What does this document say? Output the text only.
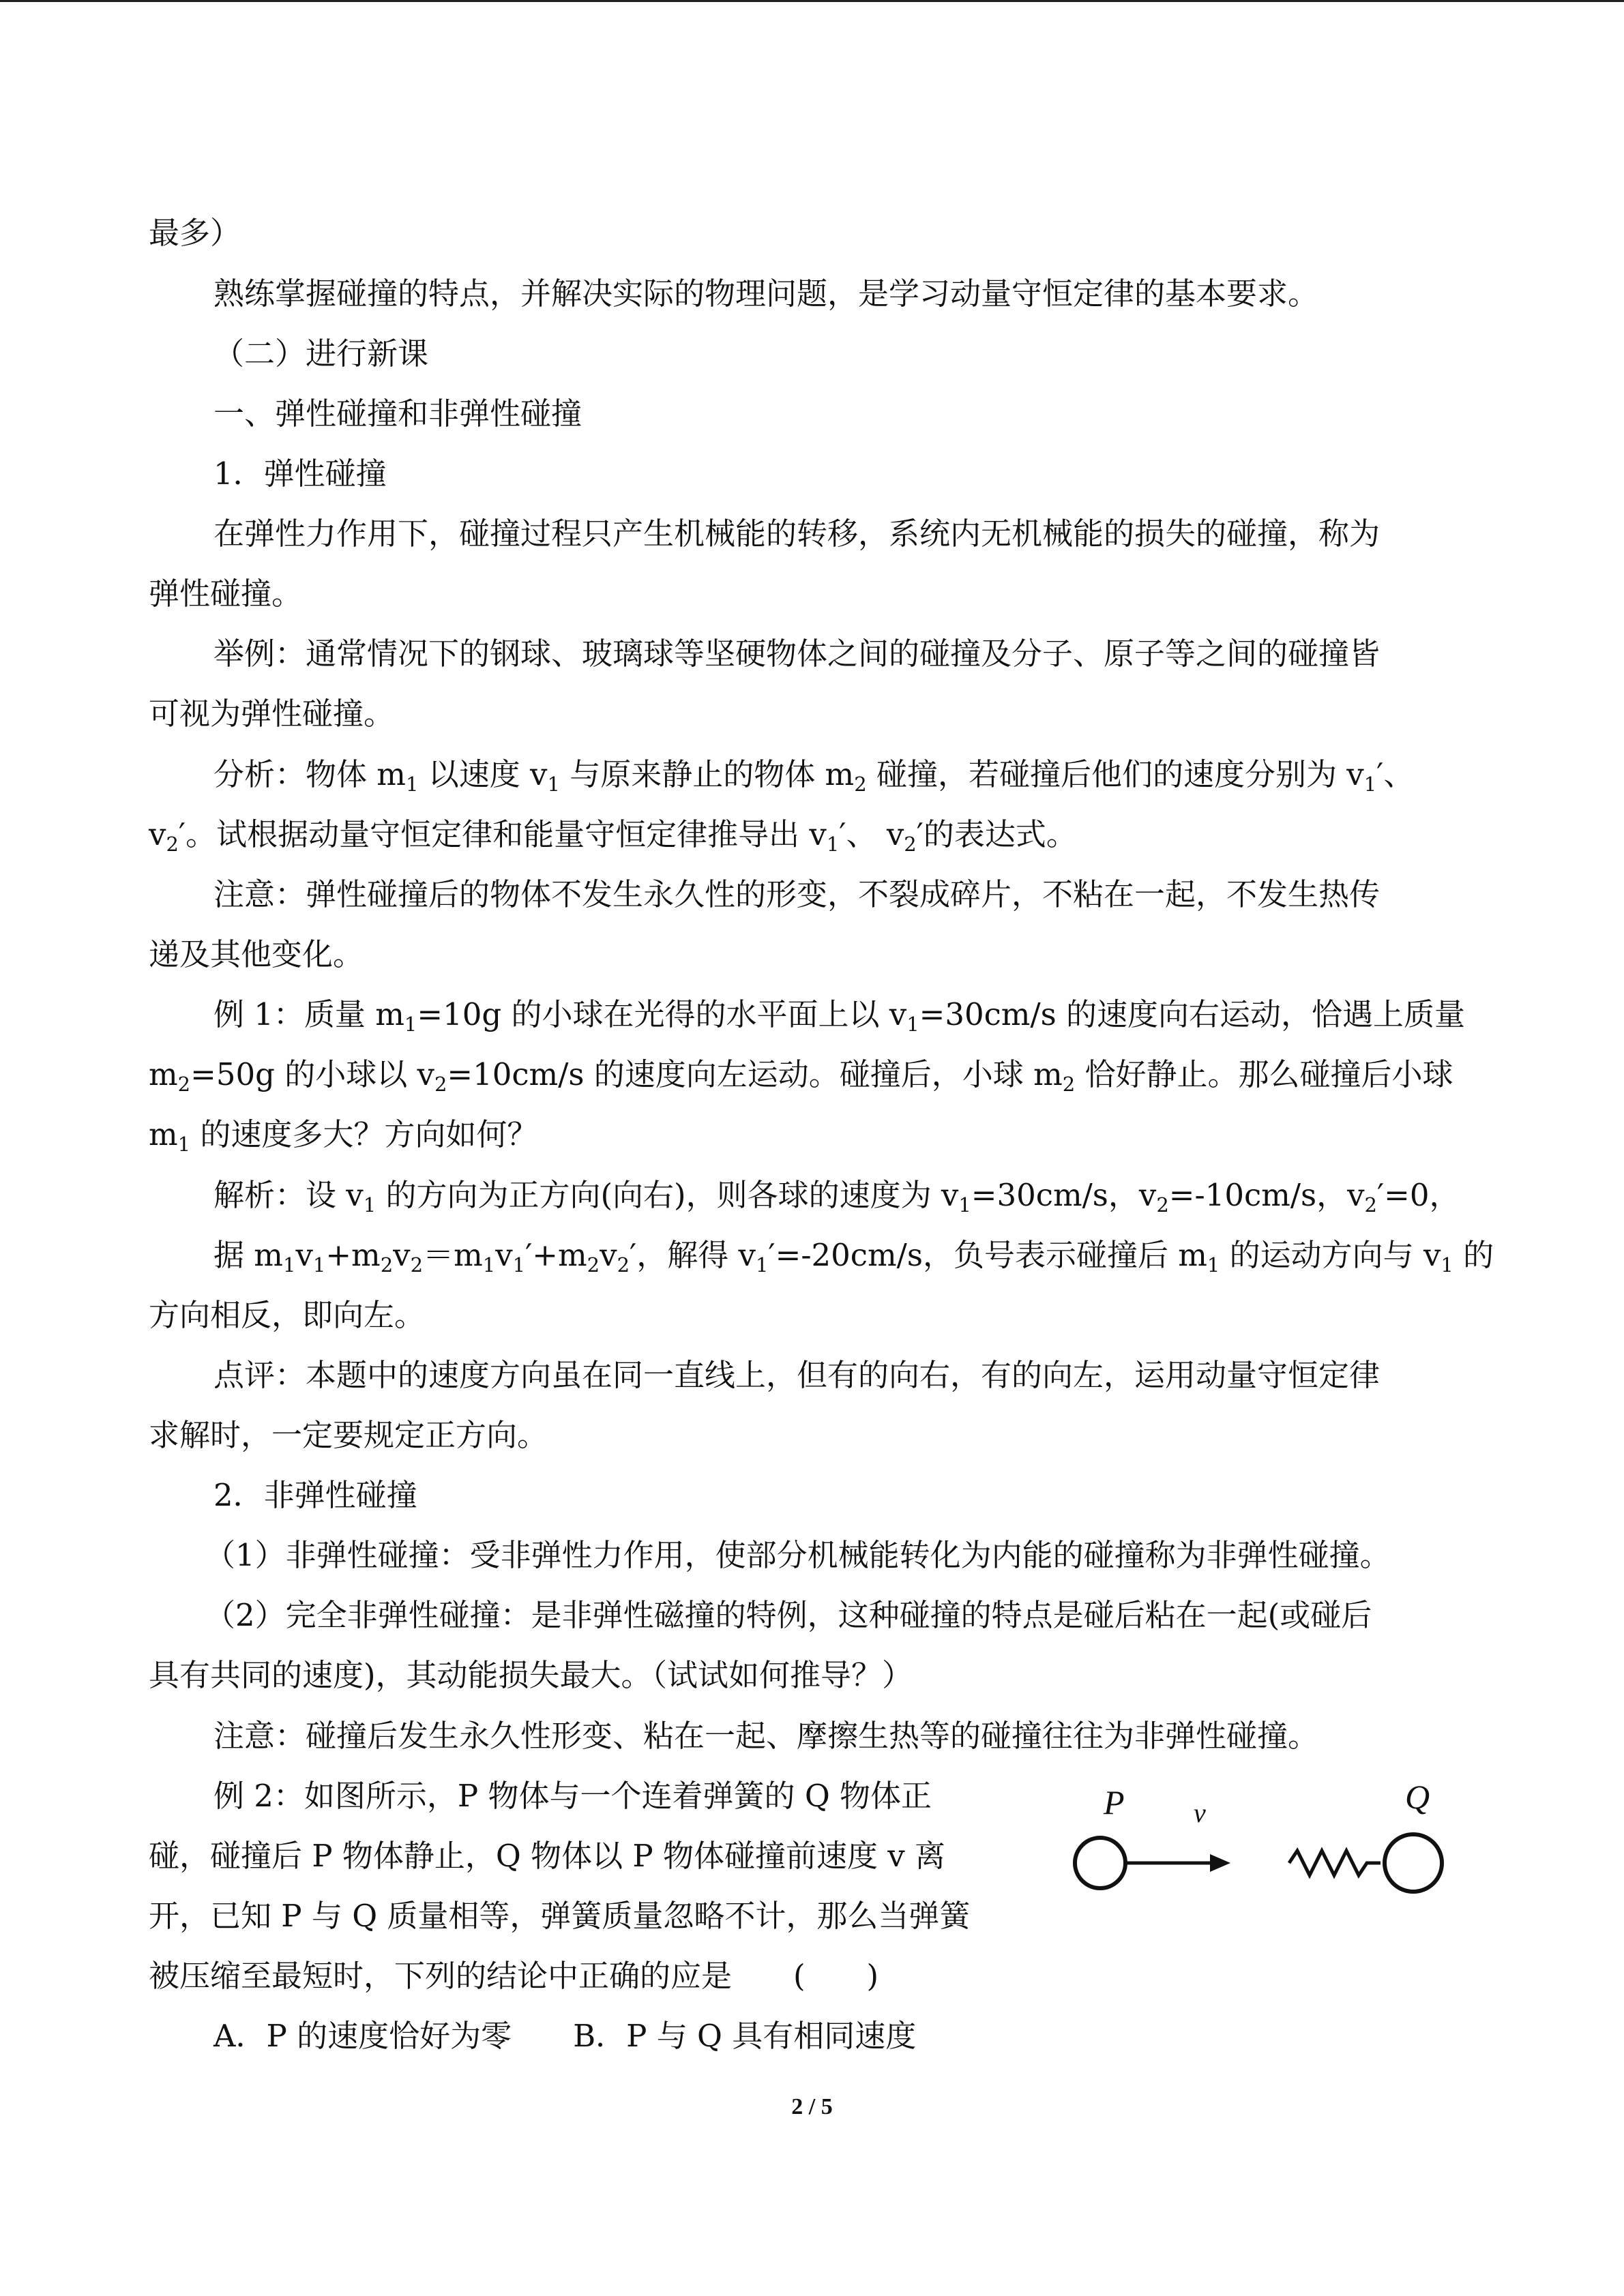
最多）
熟练掌握碰撞的特点，并解决实际的物理问题，是学习动量守恒定律的基本要求。
（二）进行新课
一、弹性碰撞和非弹性碰撞
1．弹性碰撞
在弹性力作用下，碰撞过程只产生机械能的转移，系统内无机械能的损失的碰撞，称为
弹性碰撞。
举例：通常情况下的钢球、玻璃球等坚硬物体之间的碰撞及分子、原子等之间的碰撞皆
可视为弹性碰撞。
分析：物体 $m_1$ 以速度 $v_1$ 与原来静止的物体 $m_2$ 碰撞，若碰撞后他们的速度分别为 $v_1'$、
$v_2'$。试根据动量守恒定律和能量守恒定律推导出 $v_1'$、 $v_2'$的表达式。
注意：弹性碰撞后的物体不发生永久性的形变，不裂成碎片，不粘在一起，不发生热传
递及其他变化。
例 1：质量 $m_1=10g$ 的小球在光得的水平面上以 $v_1=30cm/s$ 的速度向右运动，恰遇上质量
$m_2=50g$ 的小球以 $v_2=10cm/s$ 的速度向左运动。碰撞后，小球 $m_2$ 恰好静止。那么碰撞后小球
$m_1$ 的速度多大？方向如何？
解析：设 $v_1$ 的方向为正方向(向右)，则各球的速度为 $v_1=30cm/s$，$v_2=-10cm/s$，$v_2'=0$，
据 $m_1v_1+m_2v_2=m_1v_1'+m_2v_2'$，解得 $v_1'=-20cm/s$，负号表示碰撞后 $m_1$ 的运动方向与 $v_1$ 的
方向相反，即向左。
点评：本题中的速度方向虽在同一直线上，但有的向右，有的向左，运用动量守恒定律
求解时，一定要规定正方向。
2．非弹性碰撞
（1）非弹性碰撞：受非弹性力作用，使部分机械能转化为内能的碰撞称为非弹性碰撞。
（2）完全非弹性碰撞：是非弹性磁撞的特例，这种碰撞的特点是碰后粘在一起(或碰后
具有共同的速度)，其动能损失最大。（试试如何推导？）
注意：碰撞后发生永久性形变、粘在一起、摩擦生热等的碰撞往往为非弹性碰撞。
例 2：如图所示，P 物体与一个连着弹簧的 Q 物体正
碰，碰撞后 P 物体静止，Q 物体以 P 物体碰撞前速度 v 离
开，已知 P 与 Q 质量相等，弹簧质量忽略不计，那么当弹簧
被压缩至最短时，下列的结论中正确的应是　　(　　)
A．P 的速度恰好为零　　B．P 与 Q 具有相同速度
P	v	Q
2 / 5
